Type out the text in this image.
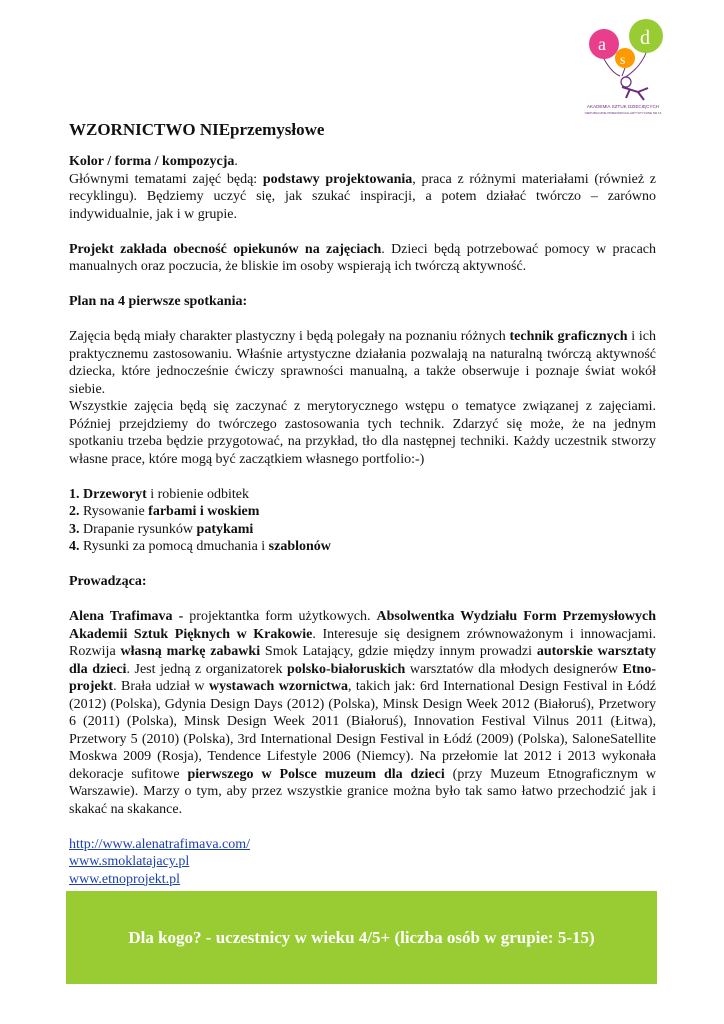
a
s
d
AKADEMIA SZTUK DZIECIĘCYCH
NIEPUBLICZNE PRZEDSZKOLE ARTYSTYCZNE NR 13
WZORNICTWO NIEprzemysłowe

Kolor / forma / kompozycja.
Głównymi tematami zajęć będą: podstawy projektowania, praca z różnymi materiałami (również z recyklingu). Będziemy uczyć się, jak szukać inspiracji, a potem działać twórczo – zarówno indywidualnie, jak i w grupie.

Projekt zakłada obecność opiekunów na zajęciach. Dzieci będą potrzebować pomocy w pracach manualnych oraz poczucia, że bliskie im osoby wspierają ich twórczą aktywność.

Plan na 4 pierwsze spotkania:

Zajęcia będą miały charakter plastyczny i będą polegały na poznaniu różnych technik graficznych i ich praktycznemu zastosowaniu. Właśnie artystyczne działania pozwalają na naturalną twórczą aktywność dziecka, które jednocześnie ćwiczy sprawności manualną, a także obserwuje i poznaje świat wokół siebie.

Wszystkie zajęcia będą się zaczynać z merytorycznego wstępu o tematyce związanej z zajęciami. Później przejdziemy do twórczego zastosowania tych technik. Zdarzyć się może, że na jednym spotkaniu trzeba będzie przygotować, na przykład, tło dla następnej techniki. Każdy uczestnik stworzy własne prace, które mogą być zaczątkiem własnego portfolio:-)

1. Drzeworyt i robienie odbitek
2. Rysowanie farbami i woskiem
3. Drapanie rysunków patykami
4. Rysunki za pomocą dmuchania i szablonów

Prowadząca:

Alena Trafimava - projektantka form użytkowych. Absolwentka Wydziału Form Przemysłowych Akademii Sztuk Pięknych w Krakowie. Interesuje się designem zrównoważonym i innowacjami. Rozwija własną markę zabawki Smok Latający, gdzie między innym prowadzi autorskie warsztaty dla dzieci. Jest jedną z organizatorek polsko-białoruskich warsztatów dla młodych designerów Etno-projekt. Brała udział w wystawach wzornictwa, takich jak: 6rd International Design Festival in Łódź (2012) (Polska), Gdynia Design Days (2012) (Polska), Minsk Design Week 2012 (Białoruś), Przetwory 6 (2011) (Polska), Minsk Design Week 2011 (Białoruś), Innovation Festival Vilnus 2011 (Łitwa), Przetwory 5 (2010) (Polska), 3rd International Design Festival in Łódź (2009) (Polska), SaloneSatellite Moskwa 2009 (Rosja), Tendence Lifestyle 2006 (Niemcy). Na przełomie lat 2012 i 2013 wykonała dekoracje sufitowe pierwszego w Polsce muzeum dla dzieci (przy Muzeum Etnograficznym w Warszawie). Marzy o tym, aby przez wszystkie granice można było tak samo łatwo przechodzić jak i skakać na skakance.

http://www.alenatrafimava.com/
www.smoklatajacy.pl
www.etnoprojekt.pl
Dla kogo? - uczestnicy w wieku 4/5+ (liczba osób w grupie: 5-15)
